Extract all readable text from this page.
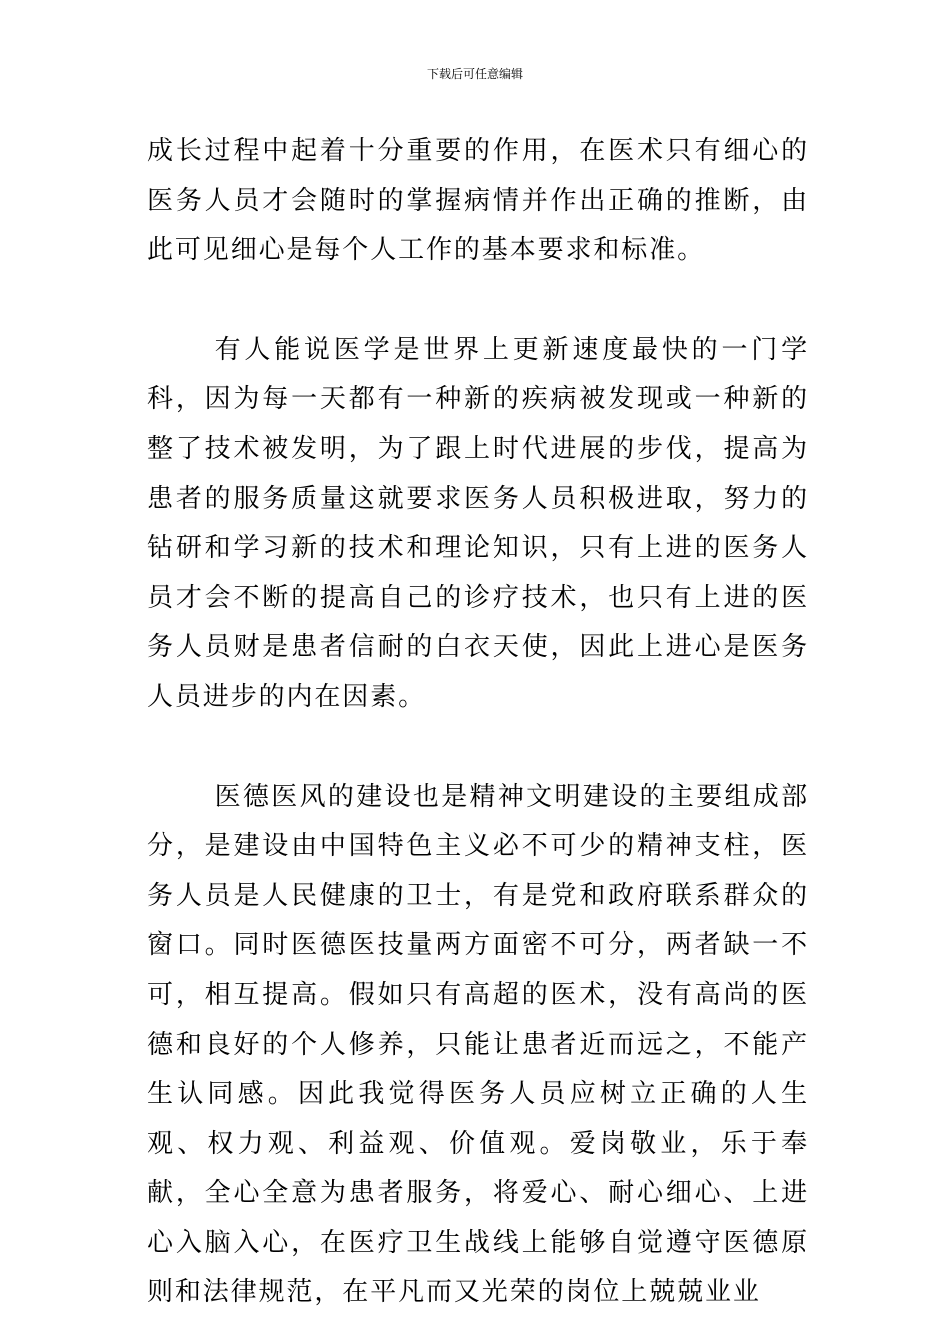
下载后可任意编辑

成长过程中起着十分重要的作用，在医术只有细心的医务人员才会随时的掌握病情并作出正确的推断，由此可见细心是每个人工作的基本要求和标准。

有人能说医学是世界上更新速度最快的一门学科，因为每一天都有一种新的疾病被发现或一种新的整了技术被发明，为了跟上时代进展的步伐，提高为患者的服务质量这就要求医务人员积极进取，努力的钻研和学习新的技术和理论知识，只有上进的医务人员才会不断的提高自己的诊疗技术，也只有上进的医务人员财是患者信耐的白衣天使，因此上进心是医务人员进步的内在因素。

医德医风的建设也是精神文明建设的主要组成部分，是建设由中国特色主义必不可少的精神支柱，医务人员是人民健康的卫士，有是党和政府联系群众的窗口。同时医德医技量两方面密不可分，两者缺一不可，相互提高。假如只有高超的医术，没有高尚的医德和良好的个人修养，只能让患者近而远之，不能产生认同感。因此我觉得医务人员应树立正确的人生观、权力观、利益观、价值观。爱岗敬业，乐于奉献，全心全意为患者服务，将爱心、耐心细心、上进心入脑入心，在医疗卫生战线上能够自觉遵守医德原则和法律规范，在平凡而又光荣的岗位上兢兢业业
